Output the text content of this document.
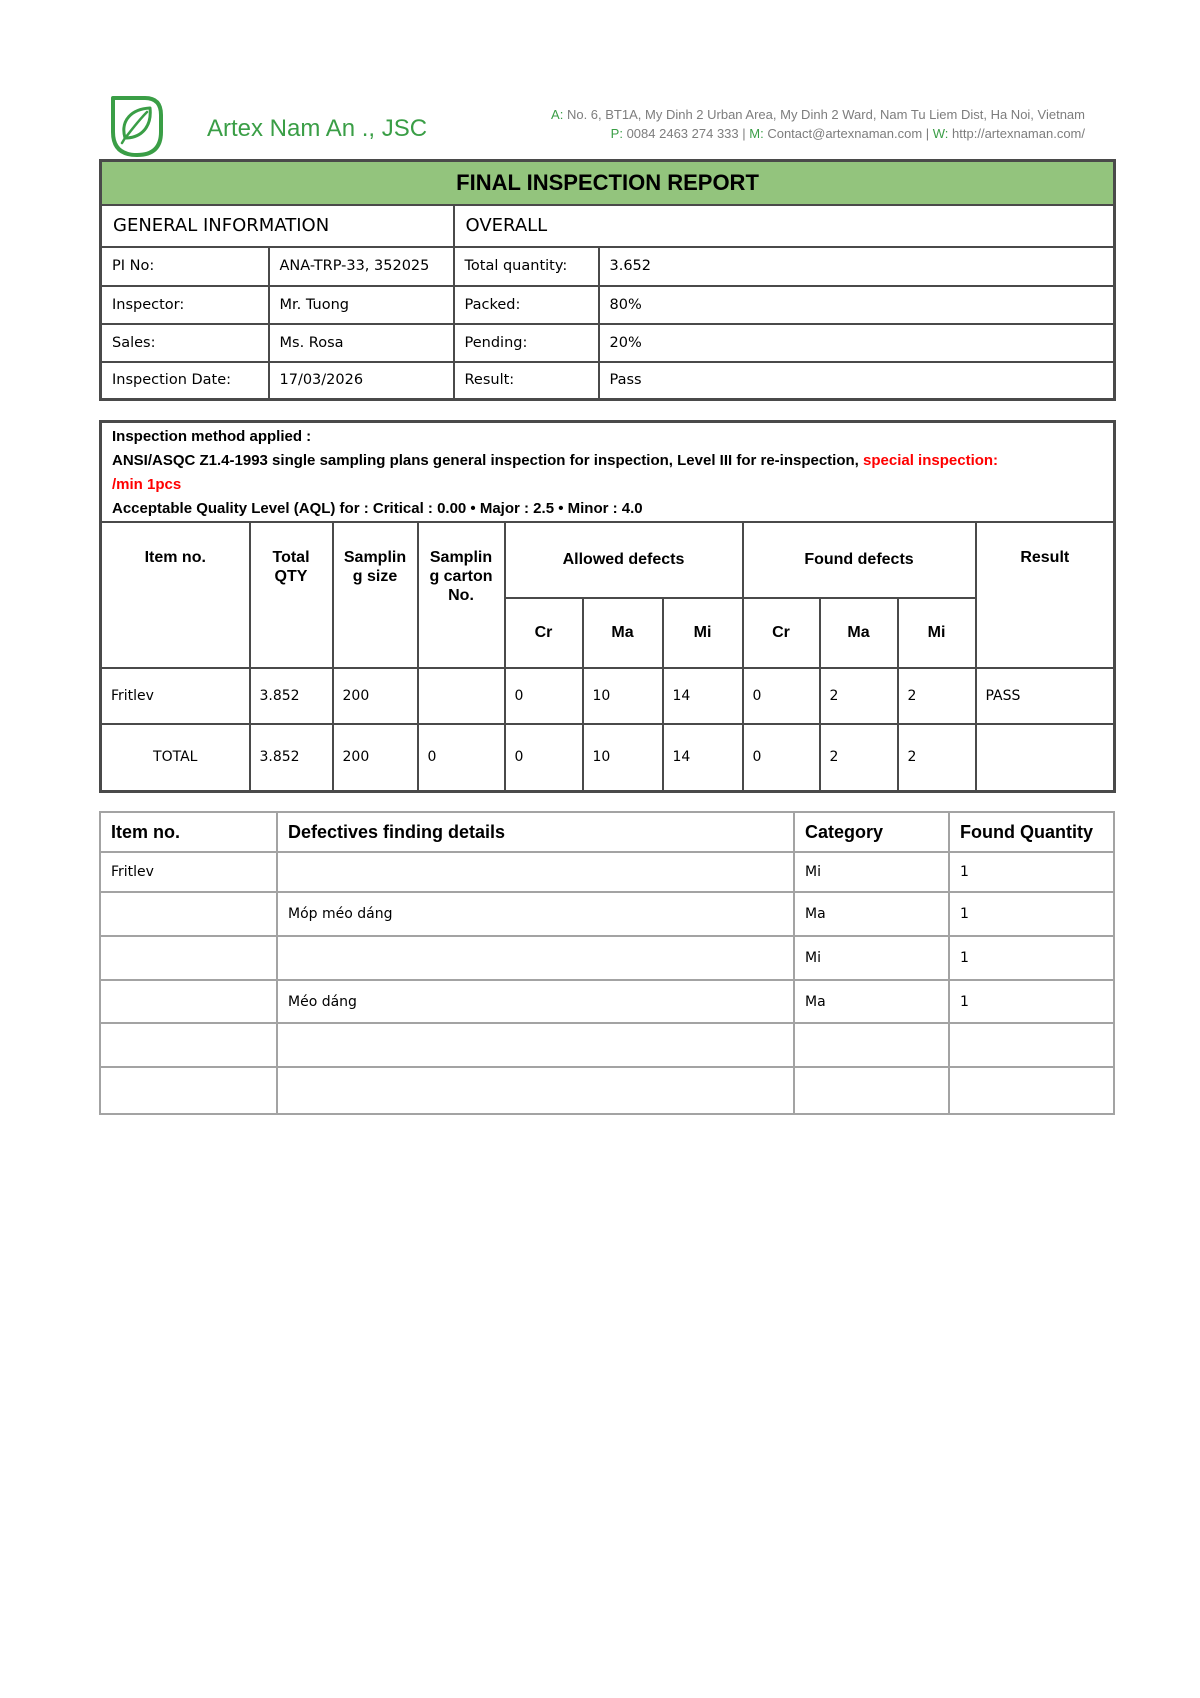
Artex Nam An ., JSC
A: No. 6, BT1A, My Dinh 2 Urban Area, My Dinh 2 Ward, Nam Tu Liem Dist, Ha Noi, Vietnam
P: 0084 2463 274 333 | M: Contact@artexnaman.com | W: http://artexnaman.com/
FINAL INSPECTION REPORT			
GENERAL INFORMATION		OVERALL	
PI No:	ANA-TRP-33, 352025	Total quantity:	3.652
Inspector:	Mr. Tuong	Packed:	80%
Sales:	Ms. Rosa	Pending:	20%
Inspection Date:	17/03/2026	Result:	Pass
Inspection method applied :
ANSI/ASQC Z1.4-1993 single sampling plans general inspection for inspection, Level III for re-inspection, special inspection:
/min 1pcs
Acceptable Quality Level (AQL) for : Critical : 0.00 • Major : 2.5 • Minor : 4.0										

Item no.	Total QTY	Sampling size	Sampling carton No.	Allowed defects			Found defects			Result
				Cr	Ma	Mi	Cr	Ma	Mi	
Fritlev	3.852	200		0	10	14	0	2	2	PASS
TOTAL	3.852	200	0	0	10	14	0	2	2	
Item no.	Defectives finding details	Category	Found Quantity
Fritlev		Mi	1
	Móp méo dáng	Ma	1
		Mi	1
	Méo dáng	Ma	1
